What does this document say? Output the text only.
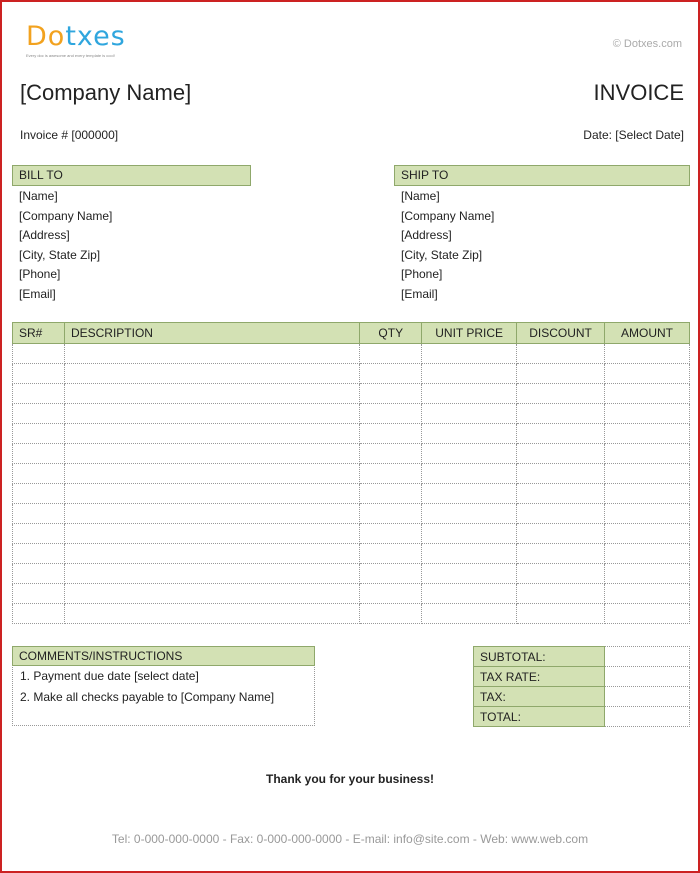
Dotxes
Every doc is awesome and every template is cool!
© Dotxes.com
[Company Name]	INVOICE
Invoice # [000000]	Date: [Select Date]
BILL TO
[Name]
[Company Name]
[Address]
[City, State Zip]
[Phone]
[Email]
SHIP TO
[Name]
[Company Name]
[Address]
[City, State Zip]
[Phone]
[Email]
SR#	DESCRIPTION	QTY	UNIT PRICE	DISCOUNT	AMOUNT

COMMENTS/INSTRUCTIONS
1. Payment due date [select date]
2. Make all checks payable to [Company Name]
SUBTOTAL:	
TAX RATE:	
TAX:	
TOTAL:	
Thank you for your business!
Tel: 0-000-000-0000 - Fax: 0-000-000-0000 - E-mail: info@site.com - Web: www.web.com
